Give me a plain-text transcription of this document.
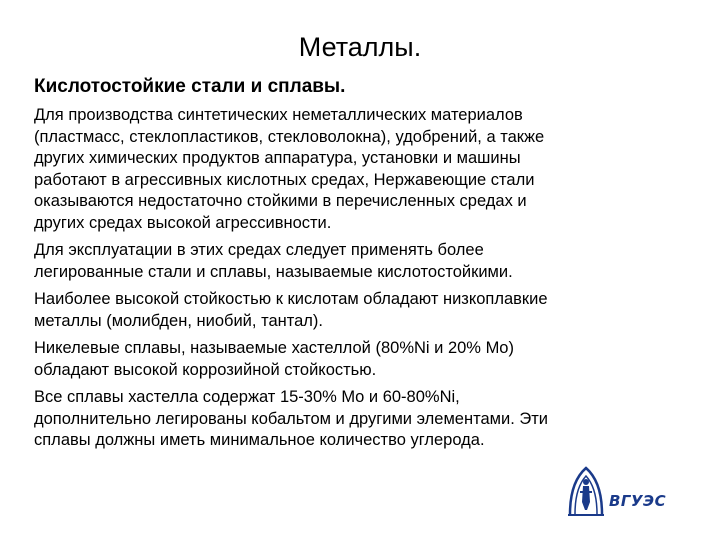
Металлы.
Кислотостойкие стали и сплавы.

Для производства синтетических неметаллических материалов
(пластмасс, стеклопластиков, стекловолокна), удобрений, а также
других химических продуктов аппаратура, установки и машины
работают в агрессивных кислотных средах, Нержавеющие стали
оказываются недостаточно стойкими в перечисленных средах и
других средах высокой агрессивности.

Для эксплуатации в этих средах следует применять более
легированные стали и сплавы, называемые кислотостойкими.

Наиболее высокой стойкостью к кислотам обладают низкоплавкие
металлы (молибден, ниобий, тантал).

Никелевые сплавы, называемые хастеллой (80%Ni и 20% Mo)
обладают высокой коррозийной стойкостью.

Все сплавы хастелла содержат 15-30% Mo и 60-80%Ni,
дополнительно легированы кобальтом и другими элементами. Эти
сплавы должны иметь минимальное количество углерода.

ВГУЭС
